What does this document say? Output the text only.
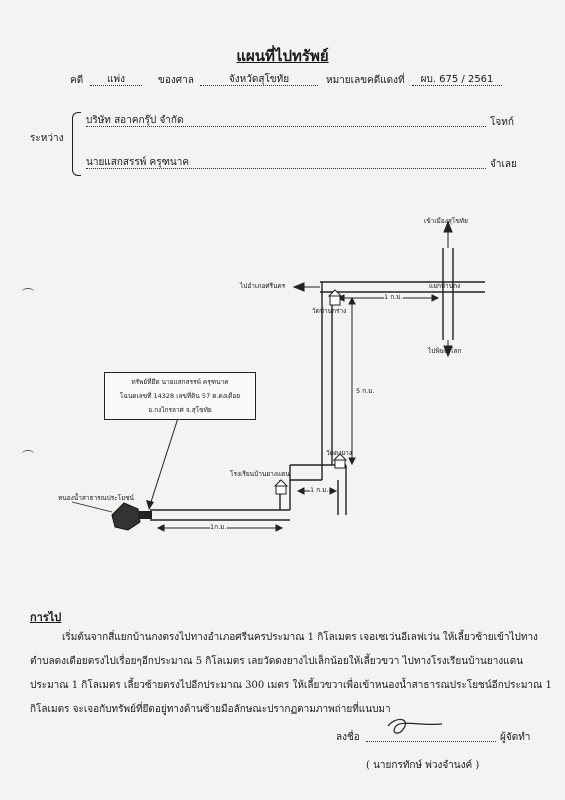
แผนที่ไปทรัพย์
คดี	แพ่ง	ของศาล	จังหวัดสุโขทัย	หมายเลขคดีแดงที่	ผบ. 675 / 2561
ระหว่าง
บริษัท สอาคกรุ๊ป จำกัด	โจทก์
นายแสกสรรพ์ ครุฑนาค	จำเลย
เข้าเมืองสุโขทัย
ไปอำเภอศรีนคร	แยกบ้านกง
ไปพิษณุโลก
วัดบ้านกร่าง
1 ก.ม.
5 ก.ม.
วัดดงยาง
โรงเรียนบ้านยางแดน
1 ก.ม.
1ก.ม.
หนองน้ำสาธารณประโยชน์
ทรัพย์ที่ยึด นายแสกสรรพ์ ครุฑนาค
โฉนดเลขที่ 14328 เลขที่ดิน 57 ต.ดงเดือย
อ.กงไกรลาศ จ.สุโขทัย
การไป
เริ่มต้นจากสี่แยกบ้านกงตรงไปทางอำเภอศรีนครประมาณ 1 กิโลเมตร เจอเซเว่นอีเลฟเว่น ให้เลี้ยวซ้ายเข้าไปทาง
ตำบลดงเดือยตรงไปเรื่อยๆอีกประมาณ 5 กิโลเมตร เลยวัดดงยางไปเล็กน้อยให้เลี้ยวขวา ไปทางโรงเรียนบ้านยางแดน
ประมาณ 1 กิโลเมตร เลี้ยวซ้ายตรงไปอีกประมาณ 300 เมตร ให้เลี้ยวขวาเพื่อเข้าหนองน้ำสาธารณประโยชน์อีกประมาณ 1
กิโลเมตร จะเจอกับทรัพย์ที่ยึดอยู่ทางด้านซ้ายมือลักษณะปรากฏตามภาพถ่ายที่แนบมา
ลงชื่อ	ผู้จัดทำ
( นายกรทักษ์ พ่วงจำนงค์ )
